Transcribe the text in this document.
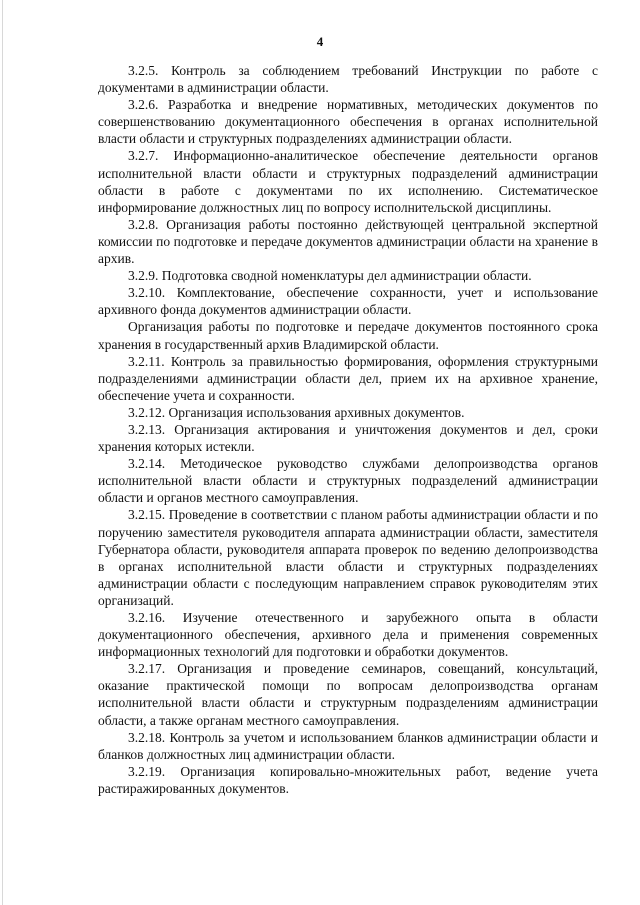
4

3.2.5. Контроль за соблюдением требований Инструкции по работе с документами в администрации области.

3.2.6. Разработка и внедрение нормативных, методических документов по совершенствованию документационного обеспечения в органах исполнительной власти области и структурных подразделениях администрации области.

3.2.7. Информационно-аналитическое обеспечение деятельности органов исполнительной власти области и структурных подразделений администрации области в работе с документами по их исполнению. Систематическое информирование должностных лиц по вопросу исполнительской дисциплины.

3.2.8. Организация работы постоянно действующей центральной экспертной комиссии по подготовке и передаче документов администрации области на хранение в архив.

3.2.9. Подготовка сводной номенклатуры дел администрации области.

3.2.10. Комплектование, обеспечение сохранности, учет и использование архивного фонда документов администрации области.

Организация работы по подготовке и передаче документов постоянного срока хранения в государственный архив Владимирской области.

3.2.11. Контроль за правильностью формирования, оформления структурными подразделениями администрации области дел, прием их на архивное хранение, обеспечение учета и сохранности.

3.2.12. Организация использования архивных документов.

3.2.13. Организация актирования и уничтожения документов и дел, сроки хранения которых истекли.

3.2.14. Методическое руководство службами делопроизводства органов исполнительной власти области и структурных подразделений администрации области и органов местного самоуправления.

3.2.15. Проведение в соответствии с планом работы администрации области и по поручению заместителя руководителя аппарата администрации области, заместителя Губернатора области, руководителя аппарата проверок по ведению делопроизводства в органах исполнительной власти области и структурных подразделениях администрации области с последующим направлением справок руководителям этих организаций.

3.2.16. Изучение отечественного и зарубежного опыта в области документационного обеспечения, архивного дела и применения современных информационных технологий для подготовки и обработки документов.

3.2.17. Организация и проведение семинаров, совещаний, консультаций, оказание практической помощи по вопросам делопроизводства органам исполнительной власти области и структурным подразделениям администрации области, а также органам местного самоуправления.

3.2.18. Контроль за учетом и использованием бланков администрации области и бланков должностных лиц администрации области.

3.2.19. Организация копировально-множительных работ, ведение учета растиражированных документов.
